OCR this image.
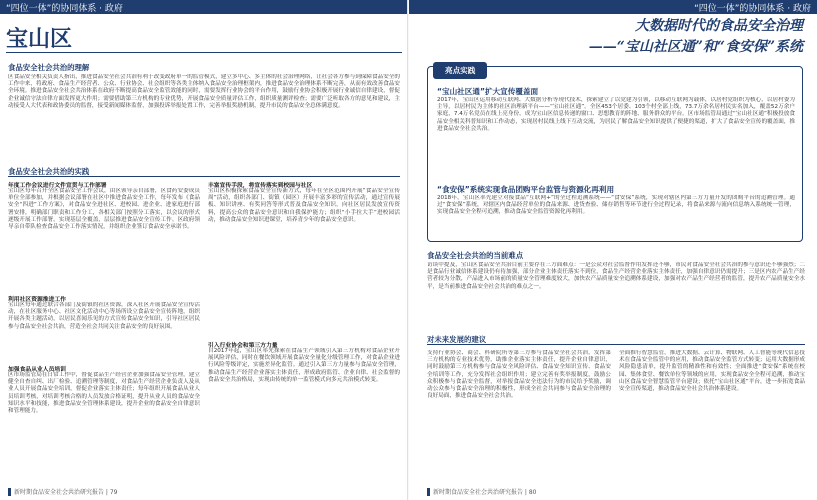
“四位一体”的协同体系 · 政府
宝山区
食品安全社会共治的理解
区食品安全相关负责人指出，推进食品安全社会共治有利于改变政府单一的监管模式，建立多中心、多主体的社会治理网络，让社会各方参与到保障食品安全的工作中来，将政府、食品生产经营者、公众、行业协会、社会组织等各类主体纳入食品安全治理框架内，推进食品安全治理体系不断完善，从而有效改善食品安全环境。推进食品安全社会共治体系在政府不断提高食品安全监管效能的同时，需要发挥行业协会的平台作用，鼓励行业协会积极开展行业诚信自律建设，督促企业诚信守法自律方面发挥更大作用；需要借助第三方机构的专业优势，开展食品安全质量评估工作，组织质量测评检查；需要广泛听取各方的意见和建议，主动接受人大代表和政协委员的监督，接受新闻媒体监督，加强投诉举报处置工作，完善举报奖励机制，提升市民的食品安全总体满意度。
食品安全社会共治的实践
年度工作会议进行文件宣贯与工作部署
宝山区每年召开全区食品安全工作会议，由区领导亲自部署，区食药安委成员单位全部参加，并根据会议部署在社区中推进食品安全工作，每年发布《食品安全“四进”工作方案》，对食品安全进社区、进校园、进企业、进家庭进行部署安排，明确部门职责和工作分工，各相关部门按照分工落实，以会议的形式逐级开展工作部署，实现基层全覆盖，层层推进食品安全宣传工作。区政府领导亲自带队检查食品安全工作落实情况，并组织企业签订食品安全承诺书。
利用社区资源推进工作
宝山区每年通过联合各部门及街镇的社区资源，深入社区开展食品安全宣传活动，在社区服务中心、社区文化活动中心等场所设立食品安全宣传阵地，组织开展各类主题活动，以居民喜闻乐见的方式宣传食品安全知识，引导社区居民参与食品安全社会共治，营造全社会共同关注食品安全的良好氛围。
加强食品从业人员培训
区市场监管局在日常工作中，督促食品生产经营企业加强食品安全管理，建立健全自查自纠、出厂检验、追溯管理等制度，对食品生产经营企业负责人及从业人员开展食品安全培训，督促企业落实主体责任；每年组织开展食品从业人员培训考核，对培训考核合格的人员发放合格证明，提升从业人员的食品安全知识水平和技能，推进食品安全管理体系建设，提升企业的食品安全自律意识和管理能力。
丰富宣传手段，将宣传落实到校园与社区
宝山区积极探索食品安全宣传新方式，每年在全区范围内开展“食品安全宣传周”活动，组织各部门、街镇（园区）开展丰富多彩的宣传活动，通过宣传展板、知识讲座、有奖问答等形式普及食品安全知识，向社区居民发放宣传资料，提高公众的食品安全意识和自我保护能力；组织“小手拉大手”进校园活动，推动食品安全知识进课堂，培养青少年的食品安全意识。
引入行业协会和第三方力量
自2017年起，宝山区率先探索在食品生产领域引入第三方机构对食品企业开展风险评估，同时在餐饮领域开展食品安全量化分级管理工作，对食品企业进行风险等级评定，实施差异化监管。通过引入第三方力量参与食品安全管理，推动食品生产经营企业落实主体责任，形成政府监管、企业自律、社会监督的食品安全共治格局，实现由传统的单一监管模式向多元共治模式转变。
新时期食品安全社会共治研究报告 | 79
“四位一体”的协同体系 · 政府
大数据时代的食品安全治理
——“宝山社区通”和“食安保”系统
亮点实践
“宝山社区通”扩大宣传覆盖面
2017年，宝山区运用移动互联网、大数据分析等现代技术，探索建立了以党建为引领，以移动互联网为载体，以居村党组织为核心，以居村委为主导，以居村民为主体的社区治理新平台——“宝山社区通”。全区453个居委、103个村全部上线，73.7万余名居村民实名加入，覆盖52万余户家庭，7.4万名党员在线上亮身份，成为宝山区信息传递的窗口、思想教育的阵地、服务群众的平台。区市场监管局通过“宝山社区通”积极投放食品安全相关科普知识和工作动态，实现居村民线上线下互动交流，为居民了解食品安全知识提供了便捷的渠道，扩大了食品安全宣传的覆盖面，推进食品安全社会共治。
“食安保”系统实现食品团购平台监管与资源化再利用
2018年，宝山区率先建立对接食品“互联网+”的全过程追溯系统——“食安保”系统，实现对辖区内第三方力量开发的团购平台的追溯管理。通过“食安保”系统，对辖区内食品经营单位的食品来源、进货查验、储存销售等环节进行全过程记录，将食品来源与流向信息纳入系统统一管理，实现食品安全全程可追溯，推动食品安全监管资源化再利用。
食品安全社会共治的当前难点
访谈中提及，宝山区食品安全共治目前主要存在三方面难点：一是公众对社会监督作用发挥还不够，市民对食品安全社会共治的参与意识还不够强烈；二是食品行业诚信体系建设仍有待加强，部分企业主体责任落实不到位，食品生产经营企业落实主体责任，加强自律意识仍需提升；三是区内农产品生产经营者较为分散，产品进入市场前的质量安全管理难度较大，加快农产品质量安全追溯体系建设，加强对农产品生产经营者的监管，提升农产品质量安全水平，是当前推进食品安全社会共治的难点之一。
对未来发展的建议
支持行业协会、商会、科研院所等第三方参与食品安全社会共治，发挥第三方机构的专业技术优势，助推企业落实主体责任，提升企业自律意识，同时鼓励第三方机构参与食品安全风险评估、食品安全知识宣传、食品安全培训等工作，充分发挥社会组织作用；建立完善有奖举报制度，鼓励公众积极参与食品安全监督，对举报食品安全违法行为的市民给予奖励，调动公众参与食品安全治理的积极性，形成全社会共同参与食品安全治理的良好局面，推进食品安全社会共治。
全面推行智慧监管，推进大数据、云计算、物联网、人工智能等现代信息技术在食品安全监管中的应用，推动食品安全监管方式转变；运用大数据形成风险隐患清单，提升监管的精准性和有效性；全面推进“食安保”系统在校园、集体食堂、餐饮单位等领域的应用，实现食品安全全程可追溯，推动宝山区食品安全智慧监管平台建设；依托“宝山社区通”平台，进一步拓宽食品安全宣传渠道，推动食品安全社会共治体系建设。
新时期食品安全社会共治研究报告 | 80
